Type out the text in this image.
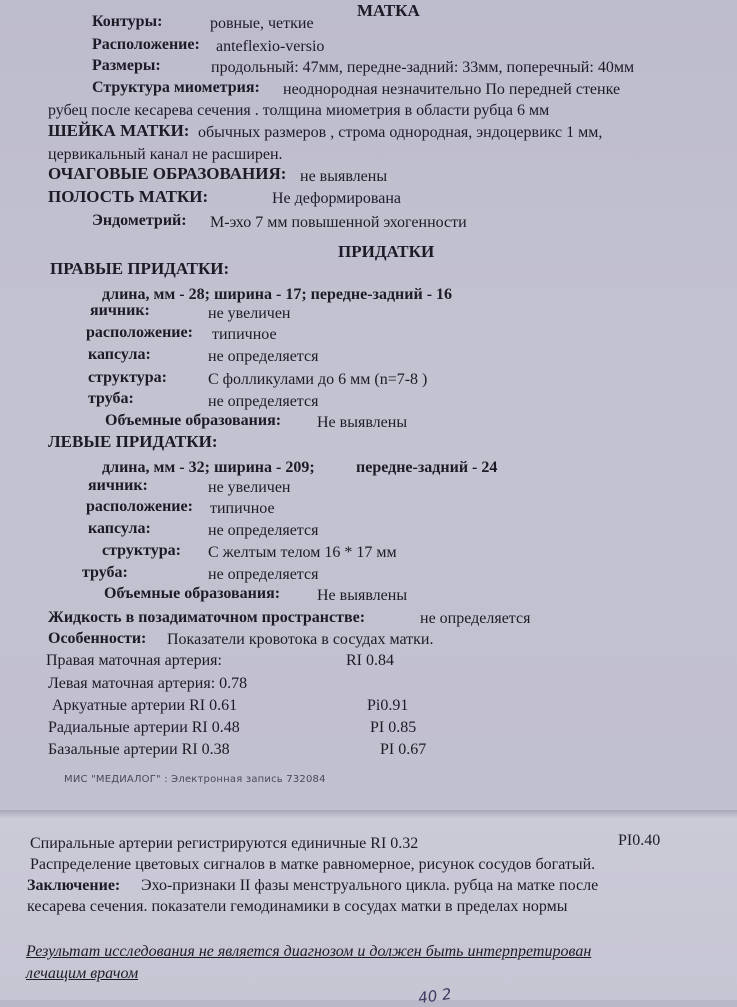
МАТКА
Контуры:	ровные, четкие
Расположение: anteflexio-versio
Размеры:	продольный: 47мм, передне-задний: 33мм, поперечный: 40мм
Структура миометрия: неоднородная незначительно По передней стенке
рубец после кесарева сечения . толщина миометрия в области рубца 6 мм
ШЕЙКА МАТКИ: обычных размеров , строма однородная, эндоцервикс 1 мм,
цервикальный канал не расширен.
ОЧАГОВЫЕ ОБРАЗОВАНИЯ: не выявлены
ПОЛОСТЬ МАТКИ:	Не деформирована
Эндометрий: М-эхо 7 мм повышенной эхогенности
ПРИДАТКИ
ПРАВЫЕ ПРИДАТКИ:
длина, мм - 28; ширина - 17; передне-задний - 16
яичник:	не увеличен
расположение: типичное
капсула:	не определяется
структура:	С фолликулами до 6 мм (n=7-8 )
труба:	не определяется
Объемные образования: Не выявлены
ЛЕВЫЕ ПРИДАТКИ:
длина, мм - 32; ширина - 209;	передне-задний - 24
яичник:	не увеличен
расположение: типичное
капсула:	не определяется
структура: С желтым телом 16 * 17 мм
труба:	не определяется
Объемные образования: Не выявлены
Жидкость в позадиматочном пространстве:	не определяется
Особенности: Показатели кровотока в сосудах матки.
Правая маточная артерия:	RI 0.84
Левая маточная артерия: 0.78
Аркуатные артерии RI 0.61	Pi0.91
Радиальные артерии RI 0.48	PI 0.85
Базальные артерии RI 0.38	PI 0.67
МИС "МЕДИАЛОГ" : Электронная запись 732084
Спиральные артерии регистрируются единичные RI 0.32	PI0.40
Распределение цветовых сигналов в матке равномерное, рисунок сосудов богатый.
Заключение: Эхо-признаки II фазы менструального цикла. рубца на матке после
кесарева сечения. показатели гемодинамики в сосудах матки в пределах нормы
Результат исследования не является диагнозом и должен быть интерпретирован
лечащим врачом
40 2
